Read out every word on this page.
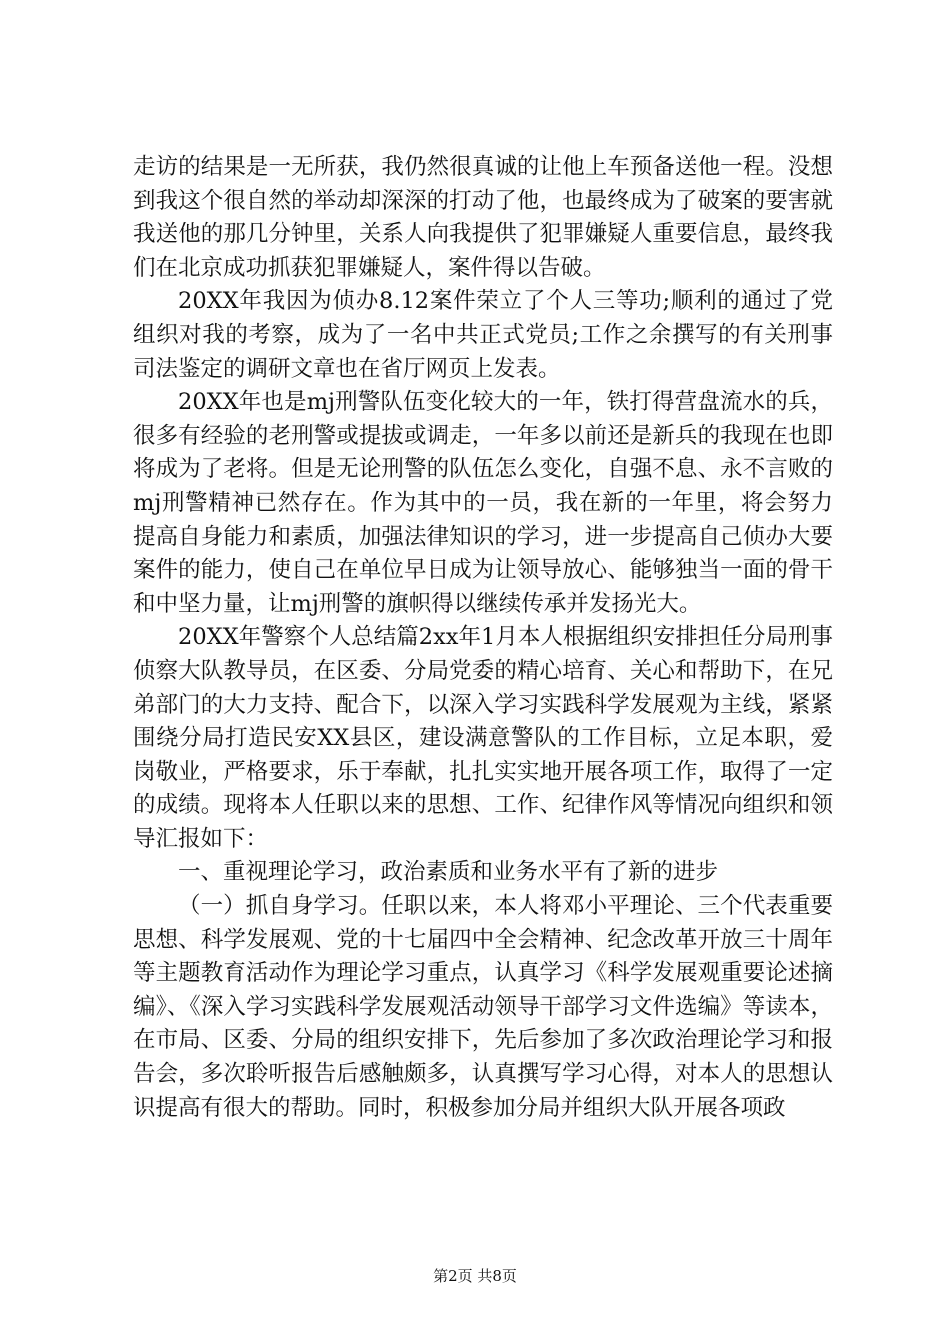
走访的结果是一无所获，我仍然很真诚的让他上车预备送他一程。没想到我这个很自然的举动却深深的打动了他，也最终成为了破案的要害就我送他的那几分钟里，关系人向我提供了犯罪嫌疑人重要信息，最终我们在北京成功抓获犯罪嫌疑人，案件得以告破。

20XX年我因为侦办8.12案件荣立了个人三等功;顺利的通过了党组织对我的考察，成为了一名中共正式党员;工作之余撰写的有关刑事司法鉴定的调研文章也在省厅网页上发表。

20XX年也是mj刑警队伍变化较大的一年，铁打得营盘流水的兵，很多有经验的老刑警或提拔或调走，一年多以前还是新兵的我现在也即将成为了老将。但是无论刑警的队伍怎么变化，自强不息、永不言败的mj刑警精神已然存在。作为其中的一员，我在新的一年里，将会努力提高自身能力和素质，加强法律知识的学习，进一步提高自己侦办大要案件的能力，使自己在单位早日成为让领导放心、能够独当一面的骨干和中坚力量，让mj刑警的旗帜得以继续传承并发扬光大。

20XX年警察个人总结篇2xx年1月本人根据组织安排担任分局刑事侦察大队教导员，在区委、分局党委的精心培育、关心和帮助下，在兄弟部门的大力支持、配合下，以深入学习实践科学发展观为主线，紧紧围绕分局打造民安XX县区，建设满意警队的工作目标，立足本职，爱岗敬业，严格要求，乐于奉献，扎扎实实地开展各项工作，取得了一定的成绩。现将本人任职以来的思想、工作、纪律作风等情况向组织和领导汇报如下：

一、重视理论学习，政治素质和业务水平有了新的进步

（一）抓自身学习。任职以来，本人将邓小平理论、三个代表重要思想、科学发展观、党的十七届四中全会精神、纪念改革开放三十周年等主题教育活动作为理论学习重点，认真学习《科学发展观重要论述摘编》、《深入学习实践科学发展观活动领导干部学习文件选编》等读本，在市局、区委、分局的组织安排下，先后参加了多次政治理论学习和报告会，多次聆听报告后感触颇多，认真撰写学习心得，对本人的思想认识提高有很大的帮助。同时，积极参加分局并组织大队开展各项政

第2页 共8页
